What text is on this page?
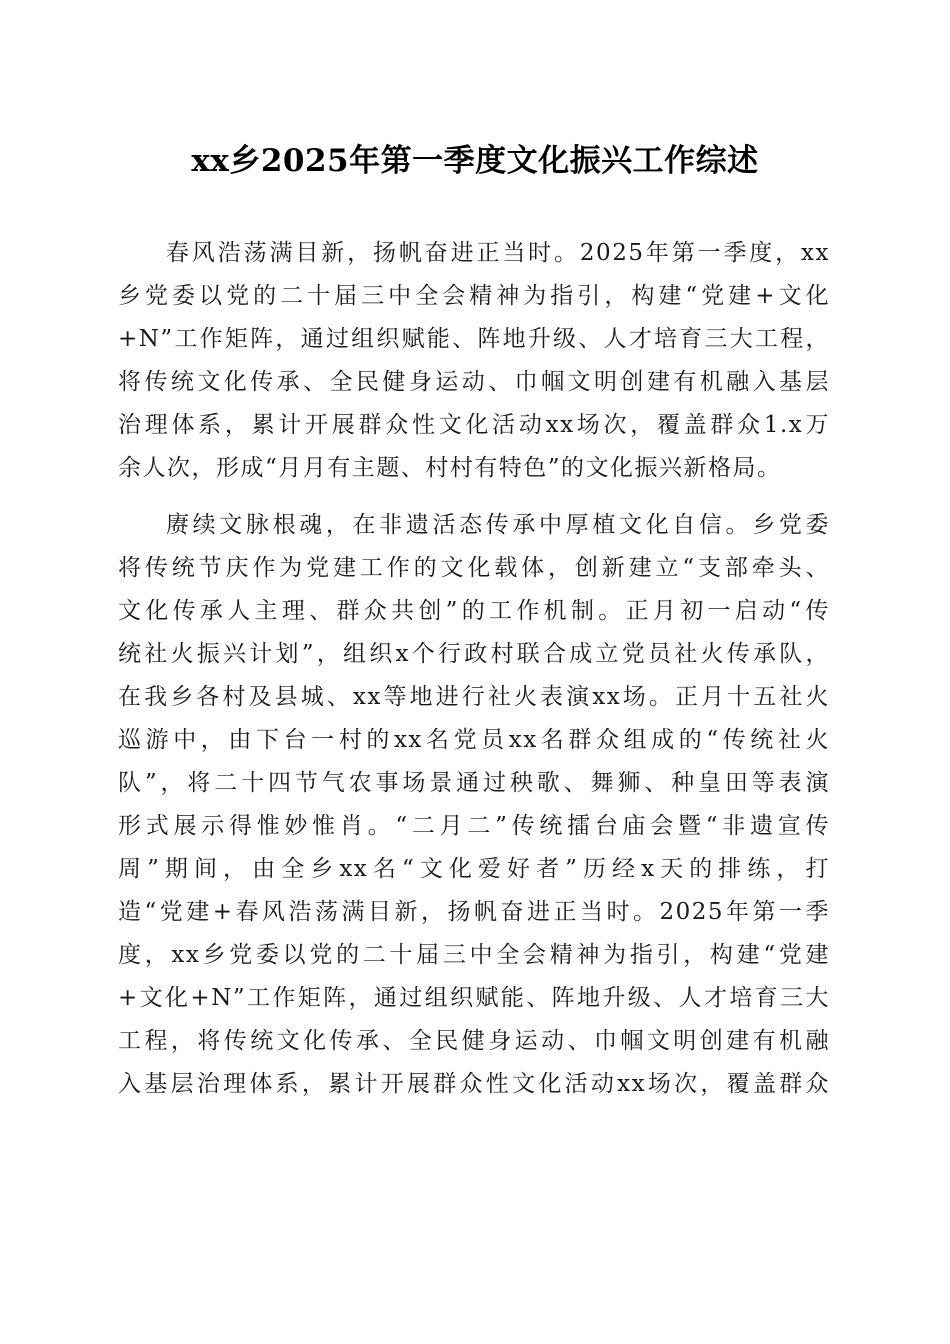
xx乡2025年第一季度文化振兴工作综述
春风浩荡满目新，扬帆奋进正当时。2025年第一季度，xx
乡党委以党的二十届三中全会精神为指引，构建“党建+文化
+N”工作矩阵，通过组织赋能、阵地升级、人才培育三大工程，
将传统文化传承、全民健身运动、巾帼文明创建有机融入基层
治理体系，累计开展群众性文化活动xx场次，覆盖群众1.x万
余人次，形成“月月有主题、村村有特色”的文化振兴新格局。
赓续文脉根魂，在非遗活态传承中厚植文化自信。乡党委
将传统节庆作为党建工作的文化载体，创新建立“支部牵头、
文化传承人主理、群众共创”的工作机制。正月初一启动“传
统社火振兴计划”，组织x个行政村联合成立党员社火传承队，
在我乡各村及县城、xx等地进行社火表演xx场。正月十五社火
巡游中，由下台一村的xx名党员xx名群众组成的“传统社火
队”，将二十四节气农事场景通过秧歌、舞狮、种皇田等表演
形式展示得惟妙惟肖。“二月二”传统擂台庙会暨“非遗宣传
周”期间，由全乡xx名“文化爱好者”历经x天的排练，打
造“党建+春风浩荡满目新，扬帆奋进正当时。2025年第一季
度，xx乡党委以党的二十届三中全会精神为指引，构建“党建
+文化+N”工作矩阵，通过组织赋能、阵地升级、人才培育三大
工程，将传统文化传承、全民健身运动、巾帼文明创建有机融
入基层治理体系，累计开展群众性文化活动xx场次，覆盖群众
